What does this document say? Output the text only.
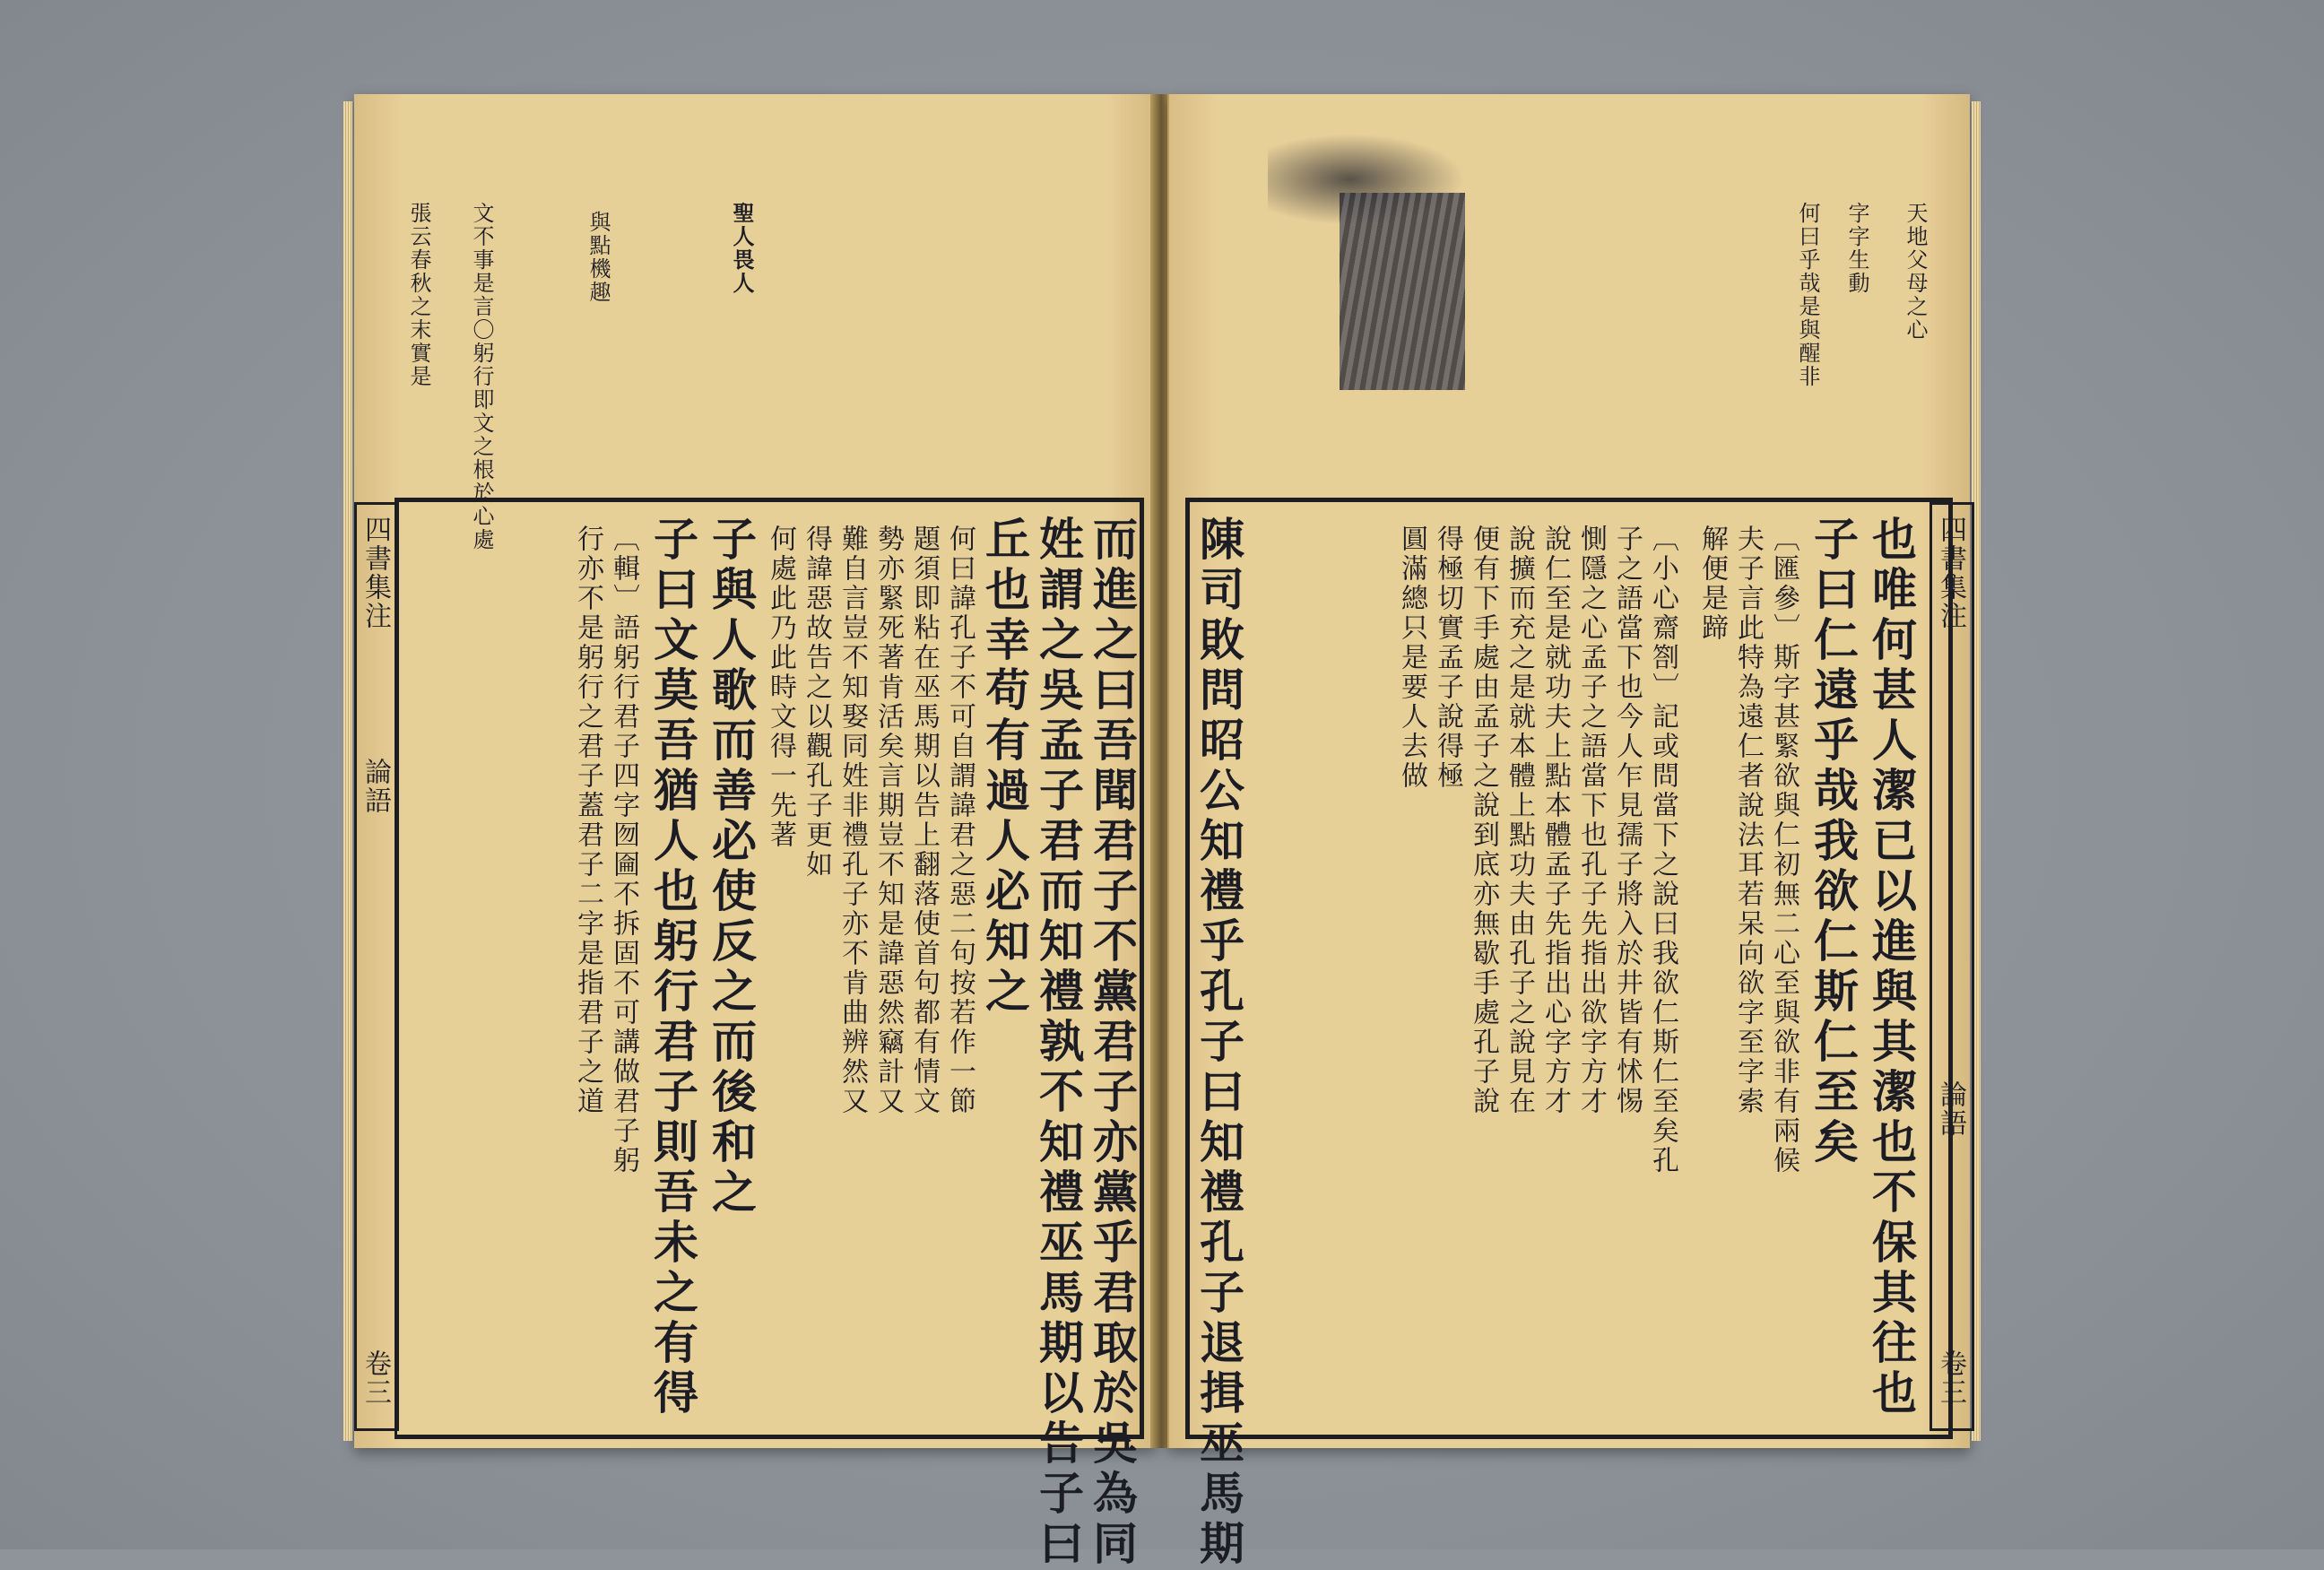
張云春秋之末實是 文不事是言〇躬行即文之根於心處	與點機趣	聖人畏人
四書集注
論語
卷三	而進之曰吾聞君子不黨君子亦黨乎君取於吳為同
姓謂之吳孟子君而知禮孰不知禮巫馬期以告子曰
丘也幸苟有過人必知之
何曰諱孔子不可自謂諱君之惡二句按若作一節
題須即粘在巫馬期以告上翻落使首句都有情文
勢亦緊死著肯活矣言期豈不知是諱惡然竊計又
難自言豈不知娶同姓非禮孔子亦不肯曲辨然又
得諱惡故告之以觀孔子更如
何處此乃此時文得一先著
子與人歌而善必使反之而後和之
子曰文莫吾猶人也躬行君子則吾未之有得
〔輯〕語躬行君子四字囫圇不拆固不可講做君子躬
行亦不是躬行之君子蓋君子二字是指君子之道
天地父母之心
字字生動
何曰乎哉是與醒非
四書集注
論語
卷三
也唯何甚人潔已以進與其潔也不保其往也
子曰仁遠乎哉我欲仁斯仁至矣
〔匯參〕斯字甚緊欲與仁初無二心至與欲非有兩候
夫子言此特為遠仁者說法耳若呆向欲字至字索
解便是蹄
〔小心齋劄〕記或問當下之說曰我欲仁斯仁至矣孔
子之語當下也今人乍見孺子將入於井皆有怵惕
惻隱之心孟子之語當下也孔子先指出欲字方才
說仁至是就功夫上點本體孟子先指出心字方才
說擴而充之是就本體上點功夫由孔子之說見在
便有下手處由孟子之說到底亦無歇手處孔子說
得極切實孟子說得極
圓滿總只是要人去做
陳司敗問昭公知禮乎孔子曰知禮孔子退揖巫馬期
